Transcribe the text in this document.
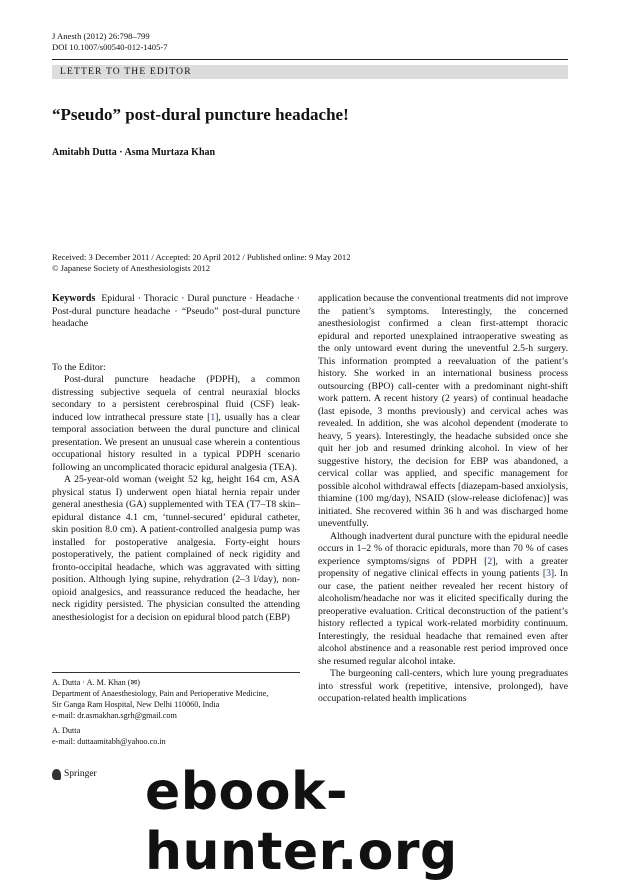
J Anesth (2012) 26:798–799
DOI 10.1007/s00540-012-1405-7
LETTER TO THE EDITOR
“Pseudo” post-dural puncture headache!
Amitabh Dutta · Asma Murtaza Khan
Received: 3 December 2011 / Accepted: 20 April 2012 / Published online: 9 May 2012
© Japanese Society of Anesthesiologists 2012

Keywords Epidural · Thoracic · Dural puncture · Headache · Post-dural puncture headache · “Pseudo” post-dural puncture headache

To the Editor:

Post-dural puncture headache (PDPH), a common distressing subjective sequela of central neuraxial blocks secondary to a persistent cerebrospinal fluid (CSF) leak-induced low intrathecal pressure state [1], usually has a clear temporal association between the dural puncture and clinical presentation. We present an unusual case wherein a contentious occupational history resulted in a typical PDPH scenario following an uncomplicated thoracic epidural analgesia (TEA).

A 25-year-old woman (weight 52 kg, height 164 cm, ASA physical status I) underwent open hiatal hernia repair under general anesthesia (GA) supplemented with TEA (T7–T8 skin–epidural distance 4.1 cm, ‘tunnel-secured’ epidural catheter, skin position 8.0 cm). A patient-controlled analgesia pump was installed for postoperative analgesia. Forty-eight hours postoperatively, the patient complained of neck rigidity and fronto-occipital headache, which was aggravated with sitting position. Although lying supine, rehydration (2–3 l/day), non-opioid analgesics, and reassurance reduced the headache, her neck rigidity persisted. The physician consulted the attending anesthesiologist for a decision on epidural blood patch (EBP)

application because the conventional treatments did not improve the patient’s symptoms. Interestingly, the concerned anesthesiologist confirmed a clean first-attempt thoracic epidural and reported unexplained intraoperative sweating as the only untoward event during the uneventful 2.5-h surgery. This information prompted a reevaluation of the patient’s history. She worked in an international business process outsourcing (BPO) call-center with a predominant night-shift work pattern. A recent history (2 years) of continual headache (last episode, 3 months previously) and cervical aches was revealed. In addition, she was alcohol dependent (moderate to heavy, 5 years). Interestingly, the headache subsided once she quit her job and resumed drinking alcohol. In view of her suggestive history, the decision for EBP was abandoned, a cervical collar was applied, and specific management for possible alcohol withdrawal effects [diazepam-based anxiolysis, thiamine (100 mg/day), NSAID (slow-release diclofenac)] was initiated. She recovered within 36 h and was discharged home uneventfully.

Although inadvertent dural puncture with the epidural needle occurs in 1–2 % of thoracic epidurals, more than 70 % of cases experience symptoms/signs of PDPH [2], with a greater propensity of negative clinical effects in young patients [3]. In our case, the patient neither revealed her recent history of alcoholism/headache nor was it elicited specifically during the preoperative evaluation. Critical deconstruction of the patient’s history reflected a typical work-related morbidity continuum. Interestingly, the residual headache that remained even after alcohol abstinence and a reasonable rest period improved once she resumed regular alcohol intake.

The burgeoning call-centers, which lure young pregraduates into stressful work (repetitive, intensive, prolonged), have occupation-related health implications

A. Dutta · A. M. Khan (✉)
Department of Anaesthesiology, Pain and Perioperative Medicine,
Sir Ganga Ram Hospital, New Delhi 110060, India
e-mail: dr.asmakhan.sgrh@gmail.com
A. Dutta
e-mail: duttaamitabh@yahoo.co.in
Springer ebook-hunter.org
